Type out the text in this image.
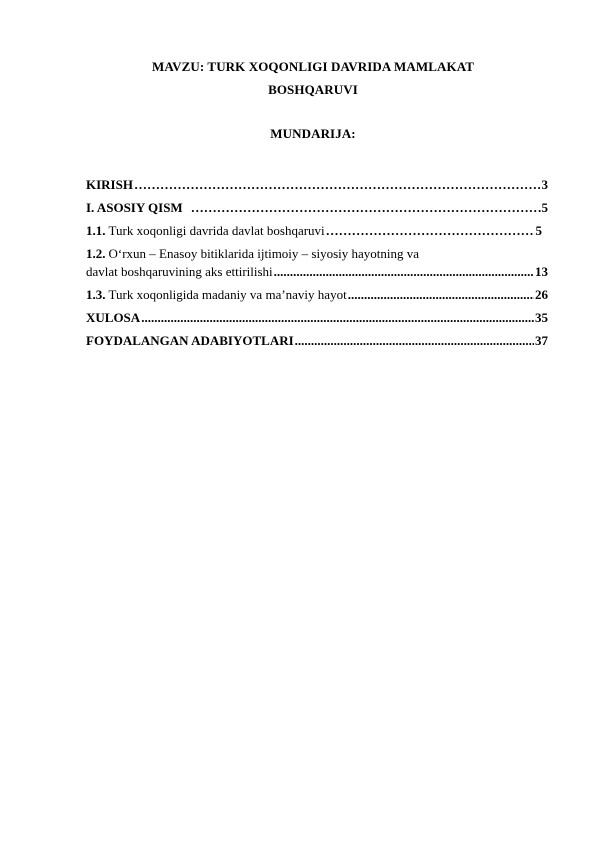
MAVZU: TURK XOQONLIGI DAVRIDA MAMLAKAT
BOSHQARUVI
MUNDARIJA:
KIRISH ……………………………………………………………………………………………………………………………………………………………………………………	3
I. ASOSIY QISM ……………………………………………………………………………………………………………………………………………………………………………………	5
1.1. Turk xoqonligi davrida davlat boshqaruvi ……………………………………………………………………………………………………………………………………………………………………………………	5
1.2. O‘rxun – Enasoy bitiklarida ijtimoiy – siyosiy hayotning va
davlat boshqaruvining aks ettirilishi .....	13
1.3. Turk xoqonligida madaniy va ma’naviy hayot .....	26
XULOSA .....	35
FOYDALANGAN ADABIYOTLARI .....	37
